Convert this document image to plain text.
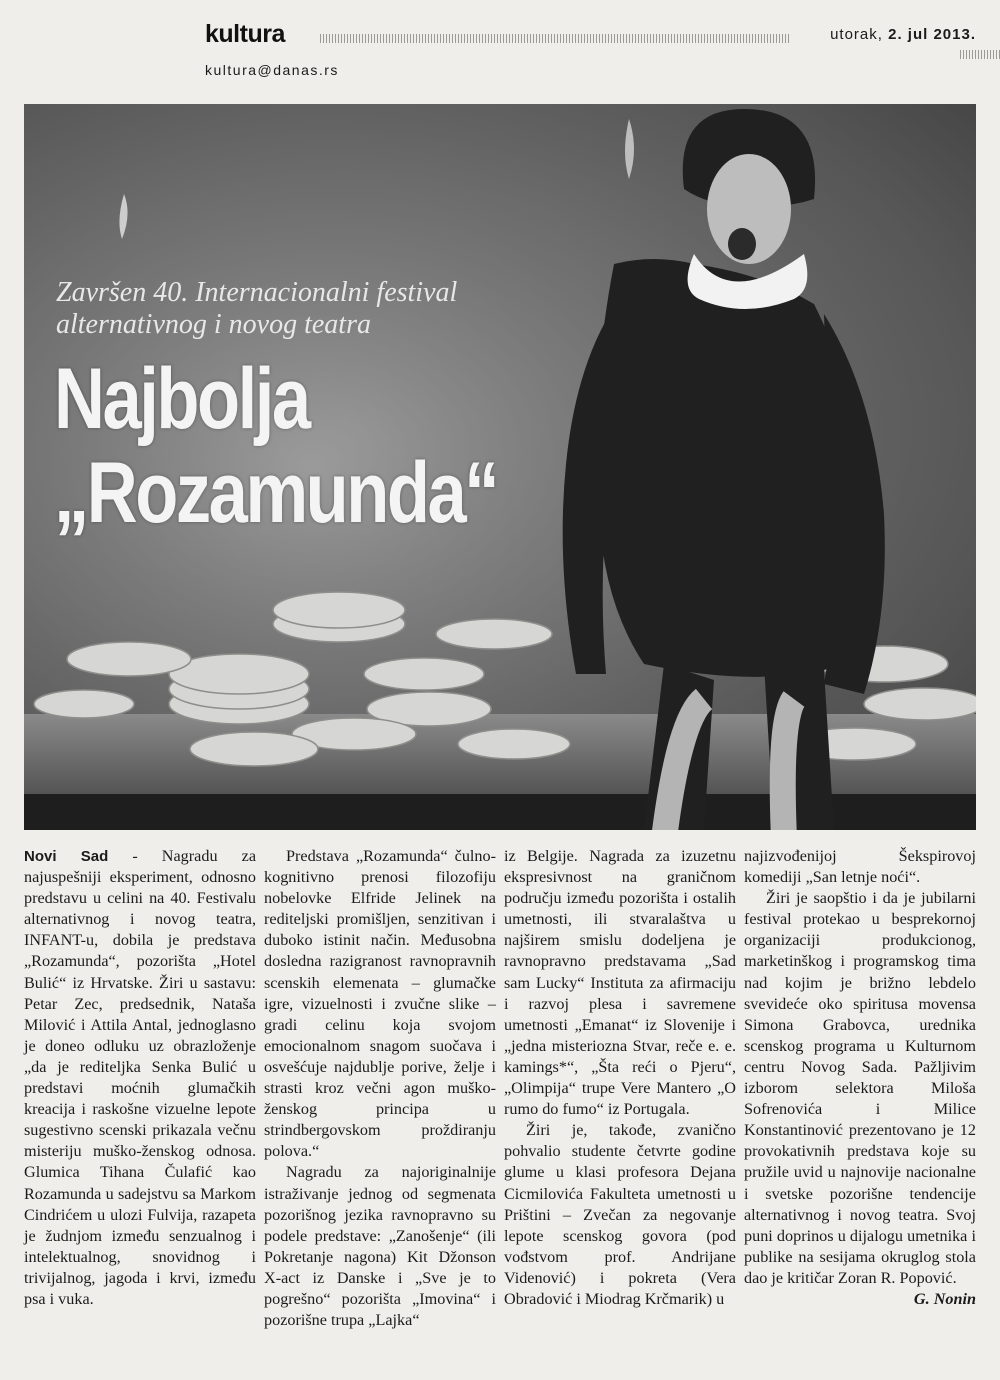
kultura	utorak, 2. jul 2013.
kultura@danas.rs
Završen 40. Internacionalni festival
alternativnog i novog teatra
Najbolja
„Rozamunda“

Novi Sad - Nagradu za najuspešniji eksperiment, odnosno predstavu u celini na 40. Festivalu alternativnog i novog teatra, INFANT-u, dobila je predstava „Rozamunda“, pozorišta „Hotel Bulić“ iz Hrvatske. Žiri u sastavu: Petar Zec, predsednik, Nataša Milović i Attila Antal, jednoglasno je doneo odluku uz obrazloženje „da je rediteljka Senka Bulić u predstavi moćnih glumačkih kreacija i raskošne vizuelne lepote sugestivno scenski prikazala večnu misteriju muško-ženskog odnosa. Glumica Tihana Čulafić kao Rozamunda u sadejstvu sa Markom Cindrićem u ulozi Fulvija, razapeta je žudnjom između senzualnog i intelektualnog, snovidnog i trivijalnog, jagoda i krvi, između psa i vuka.

Predstava „Rozamunda“ čulno-kognitivno prenosi filozofiju nobelovke Elfride Jelinek na rediteljski promišljen, senzitivan i duboko istinit način. Međusobna dosledna razigranost ravnopravnih scenskih elemenata – glumačke igre, vizuelnosti i zvučne slike – gradi celinu koja svojom emocionalnom snagom suočava i osvešćuje najdublje porive, želje i strasti kroz večni agon muško-ženskog principa u strindbergovskom proždiranju polova.“

Nagradu za najoriginalnije istraživanje jednog od segmenata pozorišnog jezika ravnopravno su podele predstave: „Zanošenje“ (ili Pokretanje nagona) Kit Džonson X-act iz Danske i „Sve je to pogrešno“ pozorišta „Imovina“ i pozorišne trupa „Lajka“

iz Belgije. Nagrada za izuzetnu ekspresivnost na graničnom području između pozorišta i ostalih umetnosti, ili stvaralaštva u najširem smislu dodeljena je ravnopravno predstavama „Sad sam Lucky“ Instituta za afirmaciju i razvoj plesa i savremene umetnosti „Emanat“ iz Slovenije i „jedna misteriozna Stvar, reče e. e. kamings*“, „Šta reći o Pjeru“, „Olimpija“ trupe Vere Mantero „O rumo do fumo“ iz Portugala.

Žiri je, takođe, zvanično pohvalio studente četvrte godine glume u klasi profesora Dejana Cicmilovića Fakulteta umetnosti u Prištini – Zvečan za negovanje lepote scenskog govora (pod vođstvom prof. Andrijane Videnović) i pokreta (Vera Obradović i Miodrag Krčmarik) u

najizvođenijoj Šekspirovoj komediji „San letnje noći“.

Žiri je saopštio i da je jubilarni festival protekao u besprekornoj organizaciji produkcionog, marketinškog i programskog tima nad kojim je brižno lebdelo svevideće oko spiritusa movensa Simona Grabovca, urednika scenskog programa u Kulturnom centru Novog Sada. Pažljivim izborom selektora Miloša Sofrenovića i Milice Konstantinović prezentovano je 12 provokativnih predstava koje su pružile uvid u najnovije nacionalne i svetske pozorišne tendencije alternativnog i novog teatra. Svoj puni doprinos u dijalogu umetnika i publike na sesijama okruglog stola dao je kritičar Zoran R. Popović.

G. Nonin
